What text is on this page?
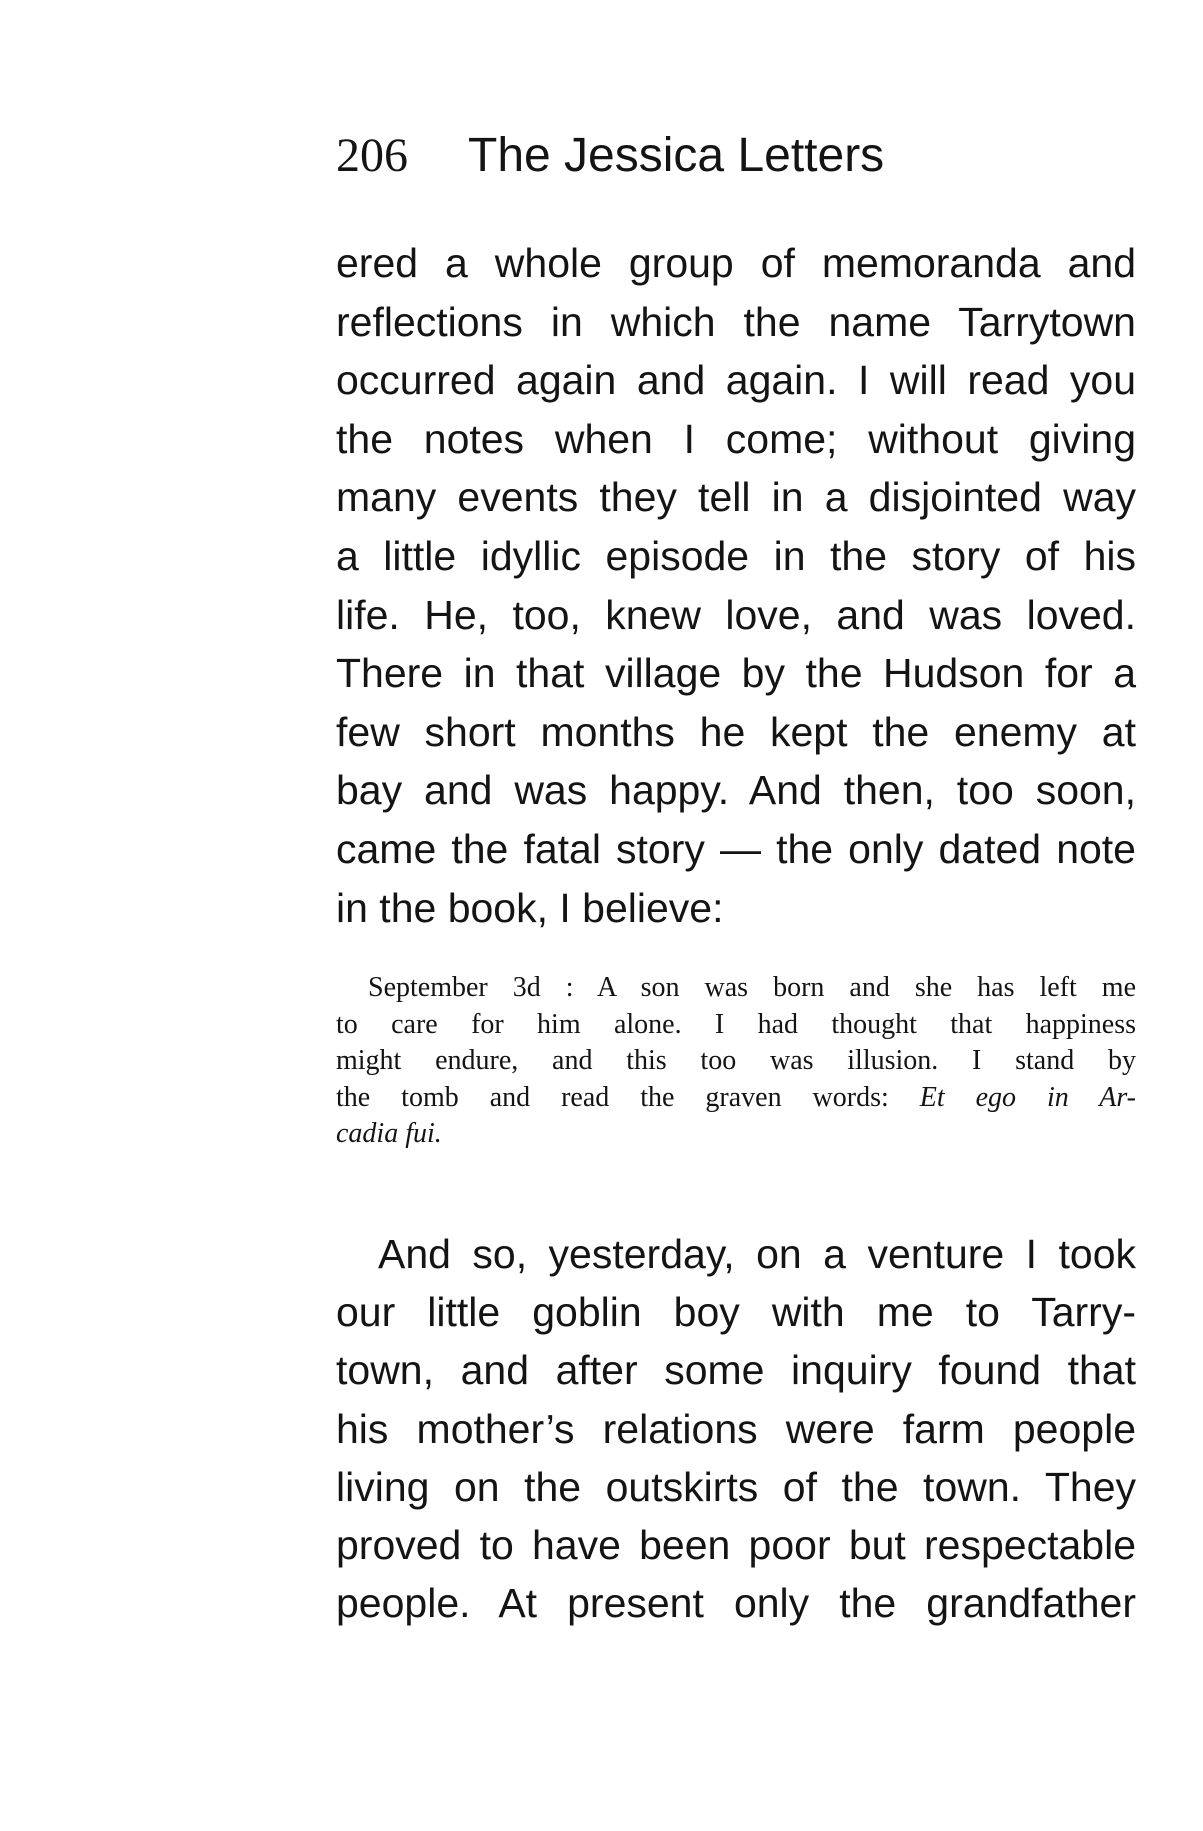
206 The Jessica Letters
ered a whole group of memoranda and
reflections in which the name Tarrytown
occurred again and again. I will read you
the notes when I come; without giving
many events they tell in a disjointed way
a little idyllic episode in the story of his
life. He, too, knew love, and was loved.
There in that village by the Hudson for a
few short months he kept the enemy at
bay and was happy. And then, too soon,
came the fatal story — the only dated note
in the book, I believe:
September 3d : A son was born and she has left me
to care for him alone. I had thought that happiness
might endure, and this too was illusion. I stand by
the tomb and read the graven words: Et ego in Ar-
cadia fui.
And so, yesterday, on a venture I took
our little goblin boy with me to Tarry-
town, and after some inquiry found that
his mother’s relations were farm people
living on the outskirts of the town. They
proved to have been poor but respectable
people. At present only the grandfather
